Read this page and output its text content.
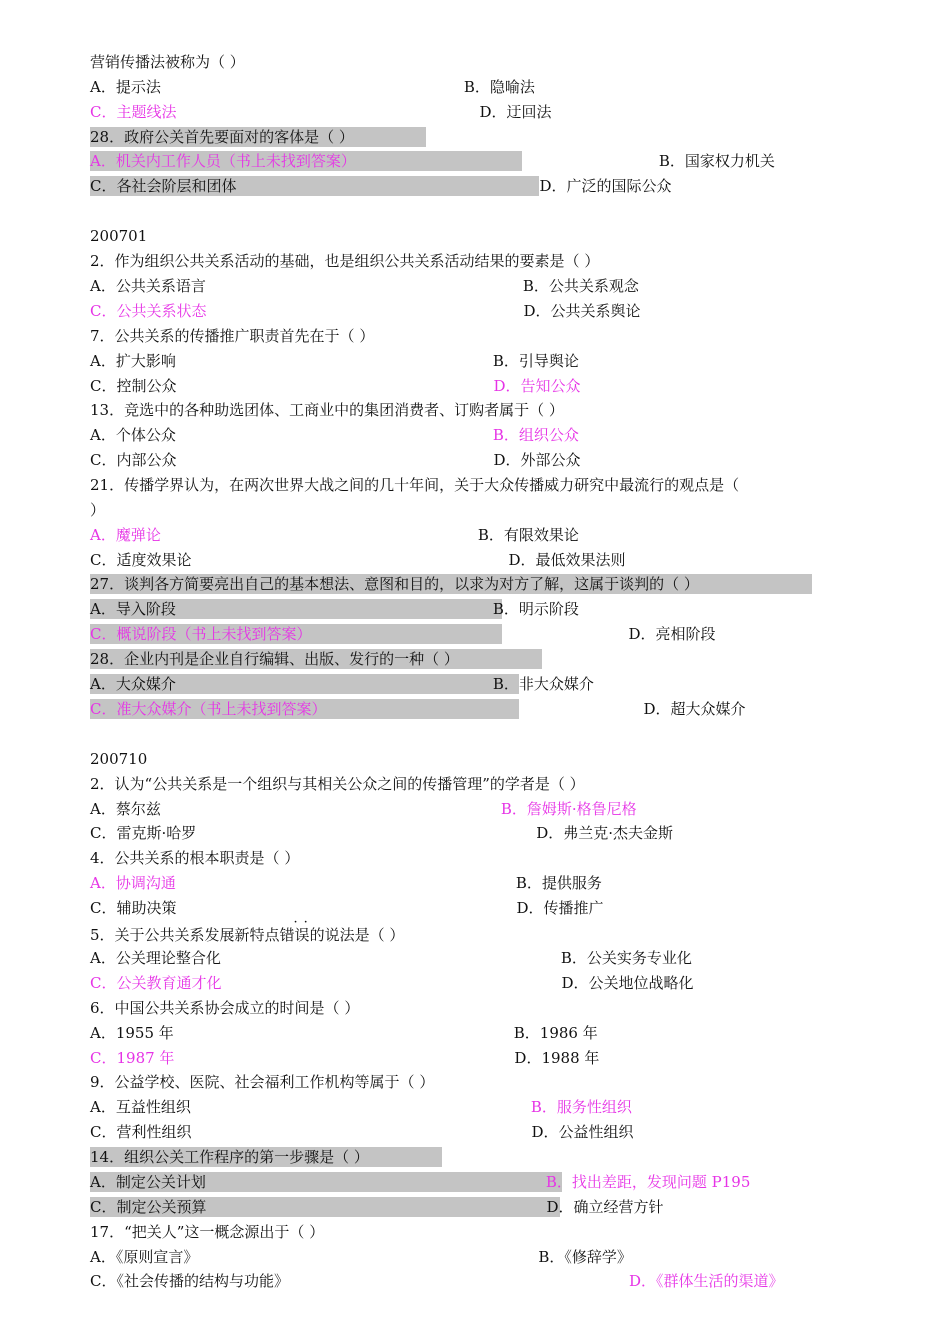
营销传播法被称为（ ）
A．提示法	B．隐喻法
C．主题线法	D．迂回法
28．政府公关首先要面对的客体是（ ）
A．机关内工作人员（书上未找到答案）	B．国家权力机关
C．各社会阶层和团体	D．广泛的国际公众
200701
2．作为组织公共关系活动的基础，也是组织公共关系活动结果的要素是（ ）
A．公共关系语言	B．公共关系观念
C．公共关系状态	D．公共关系舆论
7．公共关系的传播推广职责首先在于（ ）
A．扩大影响	B．引导舆论
C．控制公众	D．告知公众
13．竞选中的各种助选团体、工商业中的集团消费者、订购者属于（ ）
A．个体公众	B．组织公众
C．内部公众	D．外部公众
21．传播学界认为，在两次世界大战之间的几十年间，关于大众传播威力研究中最流行的观点是（
）
A．魔弹论	B．有限效果论
C．适度效果论	D．最低效果法则
27．谈判各方简要亮出自己的基本想法、意图和目的，以求为对方了解，这属于谈判的（ ）
A．导入阶段	B．明示阶段
C．概说阶段（书上未找到答案）	D．亮相阶段
28．企业内刊是企业自行编辑、出版、发行的一种（ ）
A．大众媒介	B．非大众媒介
C．准大众媒介（书上未找到答案）	D．超大众媒介
200710
2．认为“公共关系是一个组织与其相关公众之间的传播管理”的学者是（ ）
A．蔡尔兹	B．詹姆斯·格鲁尼格
C．雷克斯·哈罗	D．弗兰克·杰夫金斯
4．公共关系的根本职责是（ ）
A．协调沟通	B．提供服务
C．辅助决策	D．传播推广
5．关于公共关系发展新特点
··
错误的说法是（ ）
A．公关理论整合化	B．公关实务专业化
C．公关教育通才化	D．公关地位战略化
6．中国公共关系协会成立的时间是（ ）
A．1955 年	B．1986 年
C．1987 年	D．1988 年
9．公益学校、医院、社会福利工作机构等属于（ ）
A．互益性组织	B．服务性组织
C．营利性组织	D．公益性组织
14．组织公关工作程序的第一步骤是（ ）
A．制定公关计划	B．找出差距，发现问题 P195
C．制定公关预算	D．确立经营方针
17．“把关人”这一概念源出于（ ）
A．《原则宣言》	B．《修辞学》
C．《社会传播的结构与功能》	D．《群体生活的渠道》
